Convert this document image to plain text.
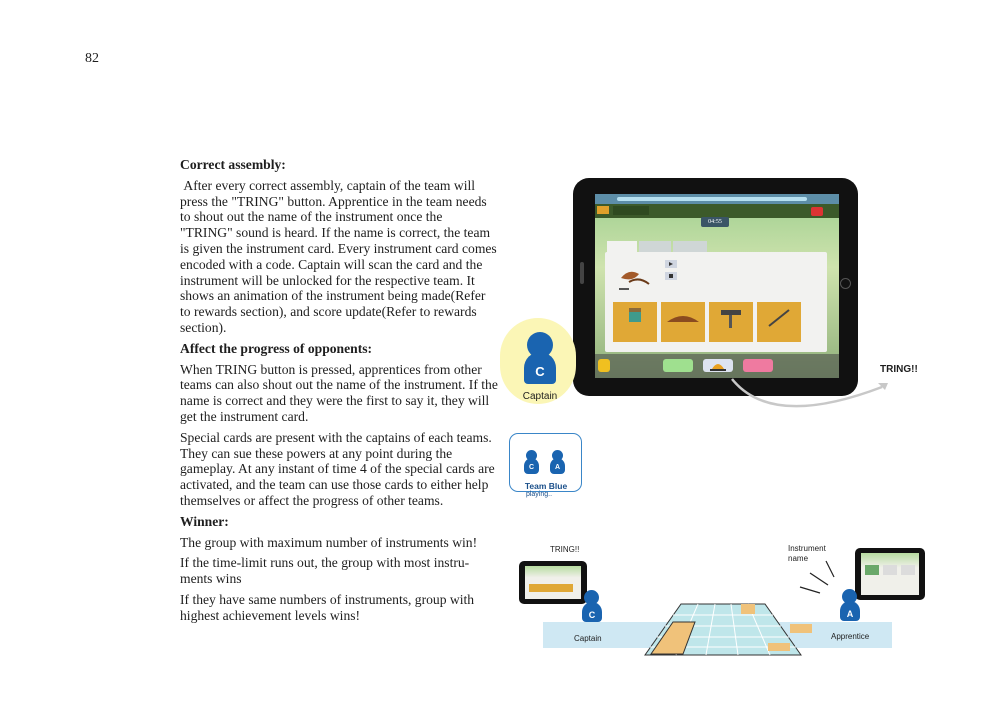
82
Correct assembly:

After every correct assembly, captain of the team will press the "TRING" button. Apprentice in the team needs to shout out the name of the instrument once the "TRING" sound is heard. If the name is correct, the team is given the instrument card. Every instrument card comes encoded with a code. Captain will scan the card and the instrument will be unlocked for the respective team. It shows an animation of the instrument being made(Refer to rewards section), and score update(Refer to rewards section).

Affect the progress of opponents:

When TRING button is pressed, apprentices from other teams can also shout out the name of the instrument. If the name is correct and they were the first to say it, they will get the instrument card.

Special cards are present with the captains of each teams. They can sue these powers at any point during the gameplay. At any instant of time 4 of the special cards are activated, and the team can use those cards to either help themselves or affect the progress of other teams.

Winner:

The group with maximum number of instruments win!

If the time-limit runs out, the group with most instru-ments wins

If they have same numbers of instruments, group with highest achievement levels wins!

04:55
TRING!!
C
Captain
C	A
Team Blue
playing..
TRING!!
C
Captain
A
Apprentice
Instrument name
